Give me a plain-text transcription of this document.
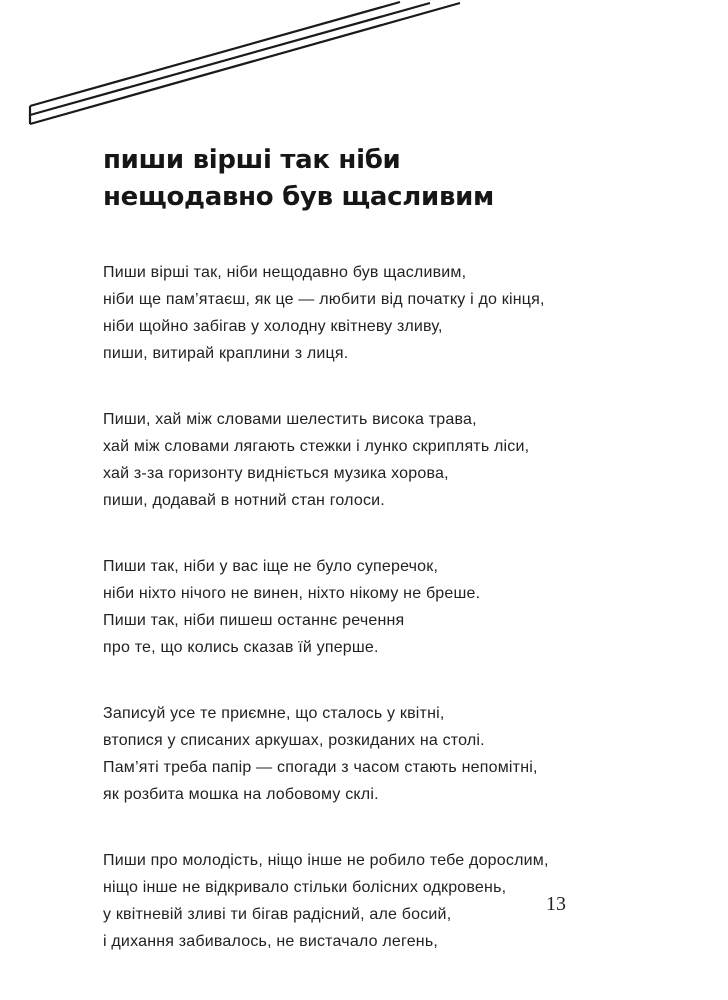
пиши вірші так ніби
нещодавно був щасливим
Пиши вірші так, ніби нещодавно був щасливим,
ніби ще пам’ятаєш, як це — любити від початку і до кінця,
ніби щойно забігав у холодну квітневу зливу,
пиши, витирай краплини з лиця.
Пиши, хай між словами шелестить висока трава,
хай між словами лягають стежки і лунко скриплять ліси,
хай з-за горизонту видніється музика хорова,
пиши, додавай в нотний стан голоси.
Пиши так, ніби у вас іще не було суперечок,
ніби ніхто нічого не винен, ніхто нікому не бреше.
Пиши так, ніби пишеш останнє речення
про те, що колись сказав їй уперше.
Записуй усе те приємне, що сталось у квітні,
втопися у списаних аркушах, розкиданих на столі.
Пам’яті треба папір — спогади з часом стають непомітні,
як розбита мошка на лобовому склі.
Пиши про молодість, ніщо інше не робило тебе дорослим,
ніщо інше не відкривало стільки болісних одкровень,
у квітневій зливі ти бігав радісний, але босий,
і дихання забивалось, не вистачало легень,
13
